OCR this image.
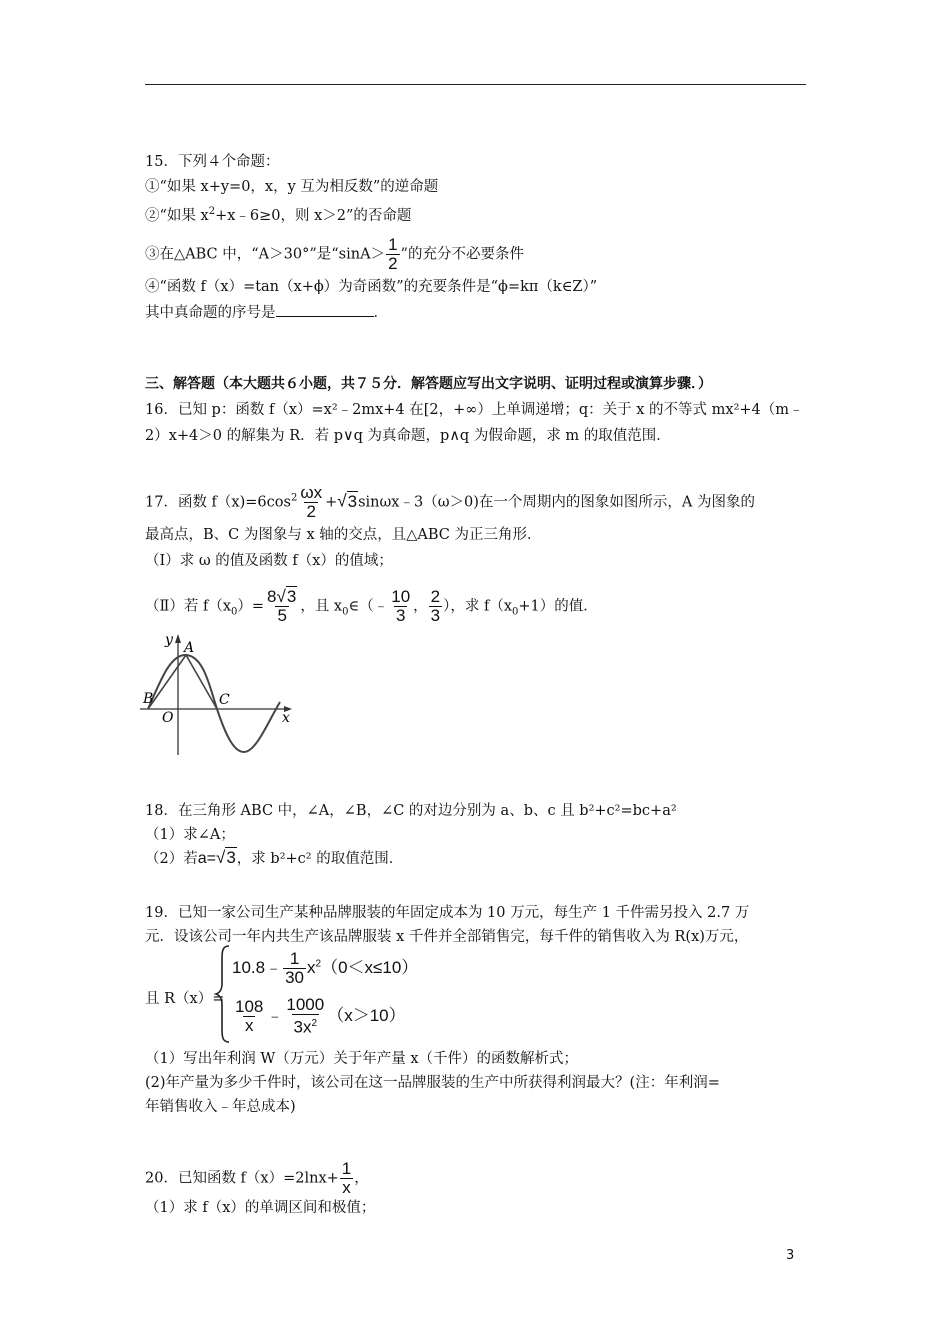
15．下列４个命题：
①“如果 x+y=0，x，y 互为相反数”的逆命题
②“如果 $x^2+x﹣6\ge 0$，则 x＞2”的否命题
③在△ABC 中，“A＞30°”是“$\sin A> \frac{1}{2}$ ”的充分不必要条件
④“函数 f（x）=tan（x+ϕ）为奇函数”的充要条件是“ϕ=kπ（k∈Z）”
其中真命题的序号是	．
三、解答题（本大题共６小题，共７５分．解答题应写出文字说明、证明过程或演算步骤．）
16．已知 p：函数 f（x）=x²﹣2mx+4 在[2，+∞）上单调递增；q：关于 x 的不等式 mx²+4（m﹣
2）x+4＞0 的解集为 R．若 p∨q 为真命题，p∧q 为假命题，求 m 的取值范围．
17．函数 $f(x)=6\cos^2 \frac{\omega x}{2}$ +√3sinωx﹣3（ω＞0)在一个周期内的图象如图所示，A 为图象的
最高点，B、C 为图象与 x 轴的交点，且△ABC 为正三角形．
（Ⅰ）求 ω 的值及函数 f（x）的值域；
（Ⅱ）若 $f(x_0)= \frac{8√3}{5}$ ，且 $x_0\in(﹣ \frac{10}{3}$ ， $\frac{2}{3}$ ），求 $f(x_0+1)$的值．
y A
B	C
O	x
18．在三角形 ABC 中，∠A，∠B，∠C 的对边分别为 a、b、c 且 b²+c²=bc+a²
（1）求∠A；
（2）若a=√3，求 b²+c² 的取值范围．
19．已知一家公司生产某种品牌服装的年固定成本为 10 万元，每生产 1 千件需另投入 2.7 万
元．设该公司一年内共生产该品牌服装 x 千件并全部销售完，每千件的销售收入为 R(x)万元，
且 R（x）=
10.8﹣ $\frac{1}{30} x^2(0<x\le 10)$
$\frac{108}{x}$ ﹣ $\frac{1000}{3x^2} (x>10)$
（1）写出年利润 W（万元）关于年产量 x（千件）的函数解析式；
(2)年产量为多少千件时，该公司在这一品牌服装的生产中所获得利润最大？(注：年利润=
年销售收入﹣年总成本)
20．已知函数 $f(x)=2\ln x+ \frac{1}{x}$ ，
（1）求 f（x）的单调区间和极值；
3
